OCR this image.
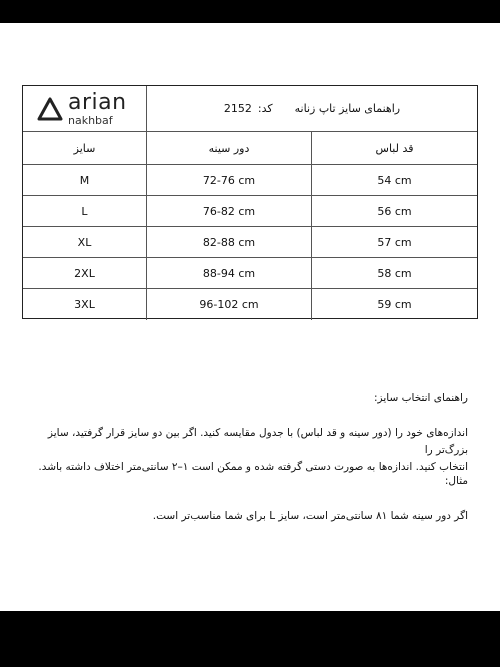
arian
nakhbaf
راهنمای سایز تاپ زنانه
کد:
2152
سایز	دور سینه	قد لباس
M	72-76 cm	54 cm
L	76-82 cm	56 cm
XL	82-88 cm	57 cm
2XL	88-94 cm	58 cm
3XL	96-102 cm	59 cm
راهنمای انتخاب سایز:
اندازه‌های خود را (دور سینه و قد لباس) با جدول مقایسه کنید. اگر بین دو سایز قرار گرفتید، سایز بزرگ‌تر را
انتخاب کنید. اندازه‌ها به صورت دستی گرفته شده و ممکن است ۱–۲ سانتی‌متر اختلاف داشته باشد.
مثال:
اگر دور سینه شما ۸۱ سانتی‌متر است، سایز L برای شما مناسب‌تر است.
